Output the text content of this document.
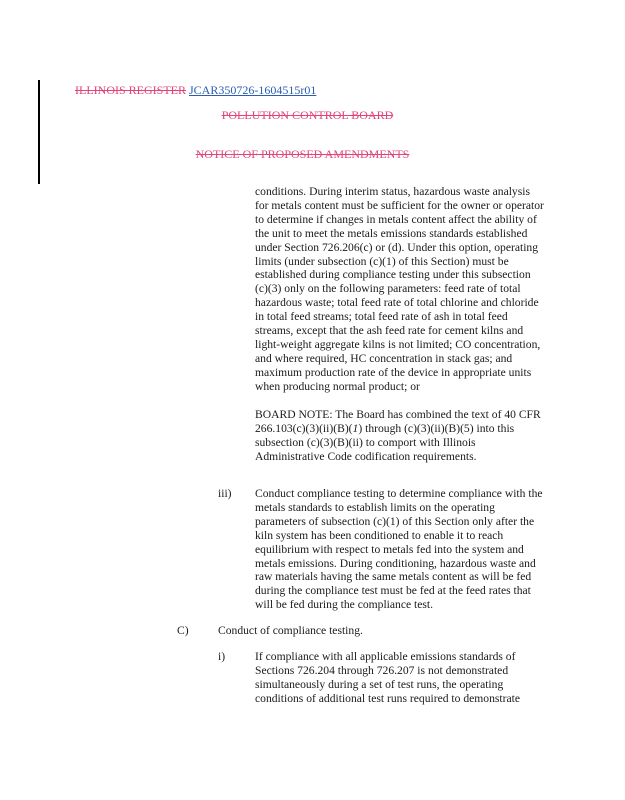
ILLINOIS REGISTER JCAR350726-1604515r01
POLLUTION CONTROL BOARD
NOTICE OF PROPOSED AMENDMENTS

conditions. During interim status, hazardous waste analysis for metals content must be sufficient for the owner or operator to determine if changes in metals content affect the ability of the unit to meet the metals emissions standards established under Section 726.206(c) or (d). Under this option, operating limits (under subsection (c)(1) of this Section) must be established during compliance testing under this subsection (c)(3) only on the following parameters: feed rate of total hazardous waste; total feed rate of total chlorine and chloride in total feed streams; total feed rate of ash in total feed streams, except that the ash feed rate for cement kilns and light-weight aggregate kilns is not limited; CO concentration, and where required, HC concentration in stack gas; and maximum production rate of the device in appropriate units when producing normal product; or

BOARD NOTE: The Board has combined the text of 40 CFR 266.103(c)(3)(ii)(B)(1) through (c)(3)(ii)(B)(5) into this subsection (c)(3)(B)(ii) to comport with Illinois Administrative Code codification requirements.

iii) Conduct compliance testing to determine compliance with the metals standards to establish limits on the operating parameters of subsection (c)(1) of this Section only after the kiln system has been conditioned to enable it to reach equilibrium with respect to metals fed into the system and metals emissions. During conditioning, hazardous waste and raw materials having the same metals content as will be fed during the compliance test must be fed at the feed rates that will be fed during the compliance test.

C)	Conduct of compliance testing.
i)	If compliance with all applicable emissions standards of Sections 726.204 through 726.207 is not demonstrated simultaneously during a set of test runs, the operating conditions of additional test runs required to demonstrate
